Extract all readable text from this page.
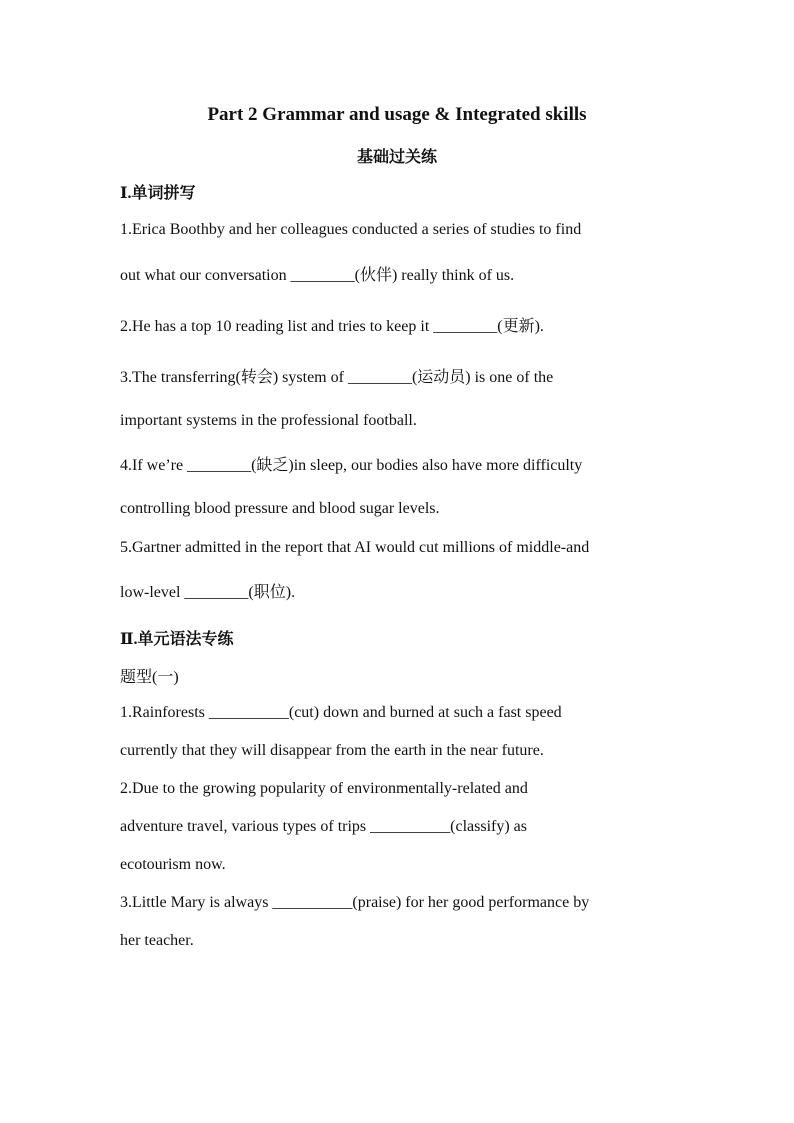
Part 2 Grammar and usage & Integrated skills
基础过关练
Ⅰ.单词拼写
1.Erica Boothby and her colleagues conducted a series of studies to find
out what our conversation ________(伙伴) really think of us.
2.He has a top 10 reading list and tries to keep it ________(更新).
3.The transferring(转会) system of ________(运动员) is one of the
important systems in the professional football.
4.If we’re ________(缺乏)in sleep, our bodies also have more difficulty
controlling blood pressure and blood sugar levels.
5.Gartner admitted in the report that AI would cut millions of middle-and
low-level ________(职位).
Ⅱ.单元语法专练
题型(一)
1.Rainforests __________(cut) down and burned at such a fast speed
currently that they will disappear from the earth in the near future.
2.Due to the growing popularity of environmentally-related and
adventure travel, various types of trips __________(classify) as
ecotourism now.
3.Little Mary is always __________(praise) for her good performance by
her teacher.
